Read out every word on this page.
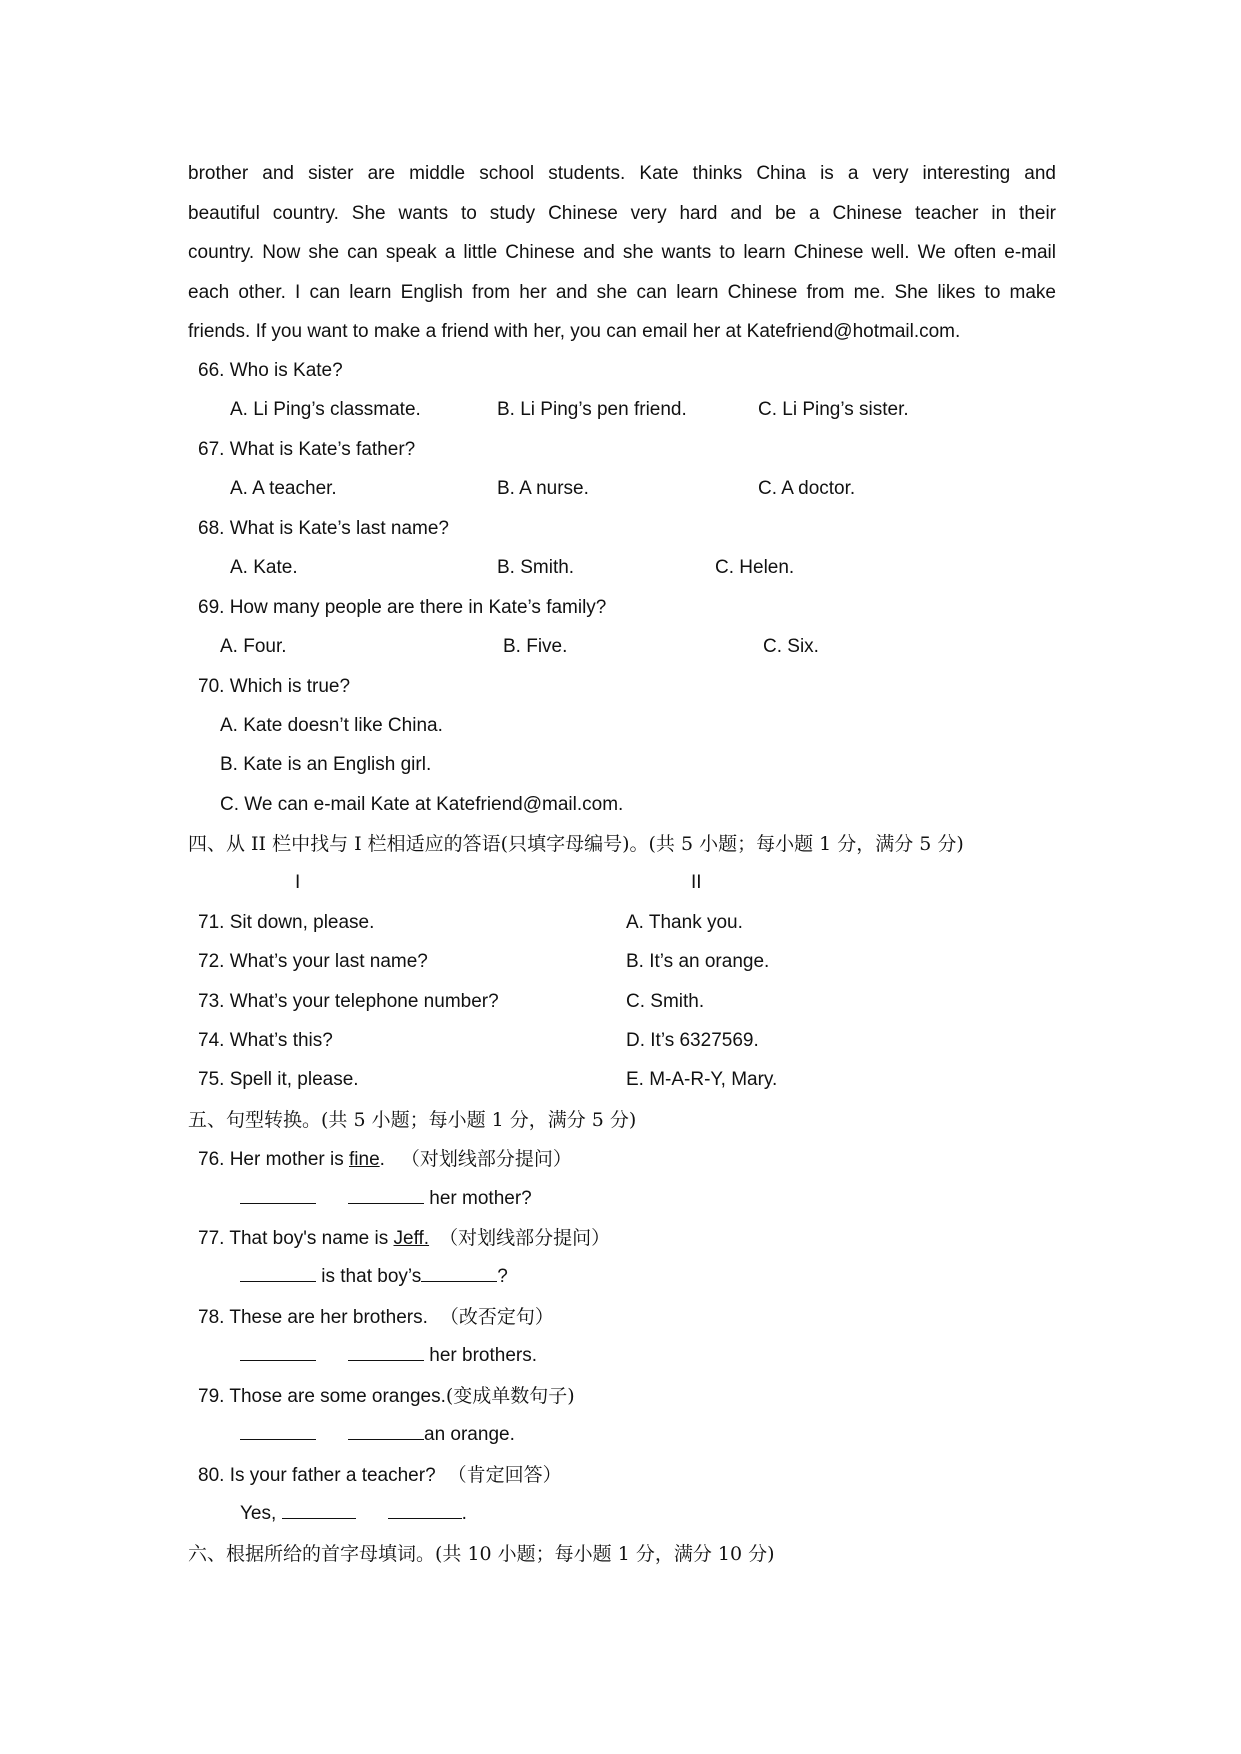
brother and sister are middle school students. Kate thinks China is a very interesting and
beautiful country. She wants to study Chinese very hard and be a Chinese teacher in their
country. Now she can speak a little Chinese and she wants to learn Chinese well. We often e-mail
each other. I can learn English from her and she can learn Chinese from me. She likes to make
friends. If you want to make a friend with her, you can email her at Katefriend@hotmail.com.
66. Who is Kate?
A. Li Ping’s classmate.	B. Li Ping’s pen friend.	C. Li Ping’s sister.
67. What is Kate’s father?
A. A teacher.	B. A nurse.	C. A doctor.
68. What is Kate’s last name?
A. Kate.	B. Smith.	C. Helen.
69. How many people are there in Kate’s family?
A. Four.	B. Five.	C. Six.
70. Which is true?
A. Kate doesn’t like China.
B. Kate is an English girl.
C. We can e-mail Kate at Katefriend@mail.com.
四、从 II 栏中找与 I 栏相适应的答语(只填字母编号)。(共 5 小题；每小题 1 分，满分 5 分)
I	II
71. Sit down, please.	A. Thank you.
72. What’s your last name?	B. It’s an orange.
73. What’s your telephone number?	C. Smith.
74. What’s this?	D. It’s 6327569.
75. Spell it, please.	E. M-A-R-Y, Mary.
五、句型转换。(共 5 小题；每小题 1 分，满分 5 分)
76. Her mother is fine. （对划线部分提问）
her mother?
77. That boy's name is Jeff. （对划线部分提问）
is that boy’s	?
78. These are her brothers. （改否定句）
her brothers.
79. Those are some oranges.(变成单数句子)
an orange.
80. Is your father a teacher? （肯定回答）
Yes,	.
六、根据所给的首字母填词。(共 10 小题；每小题 1 分，满分 10 分)
